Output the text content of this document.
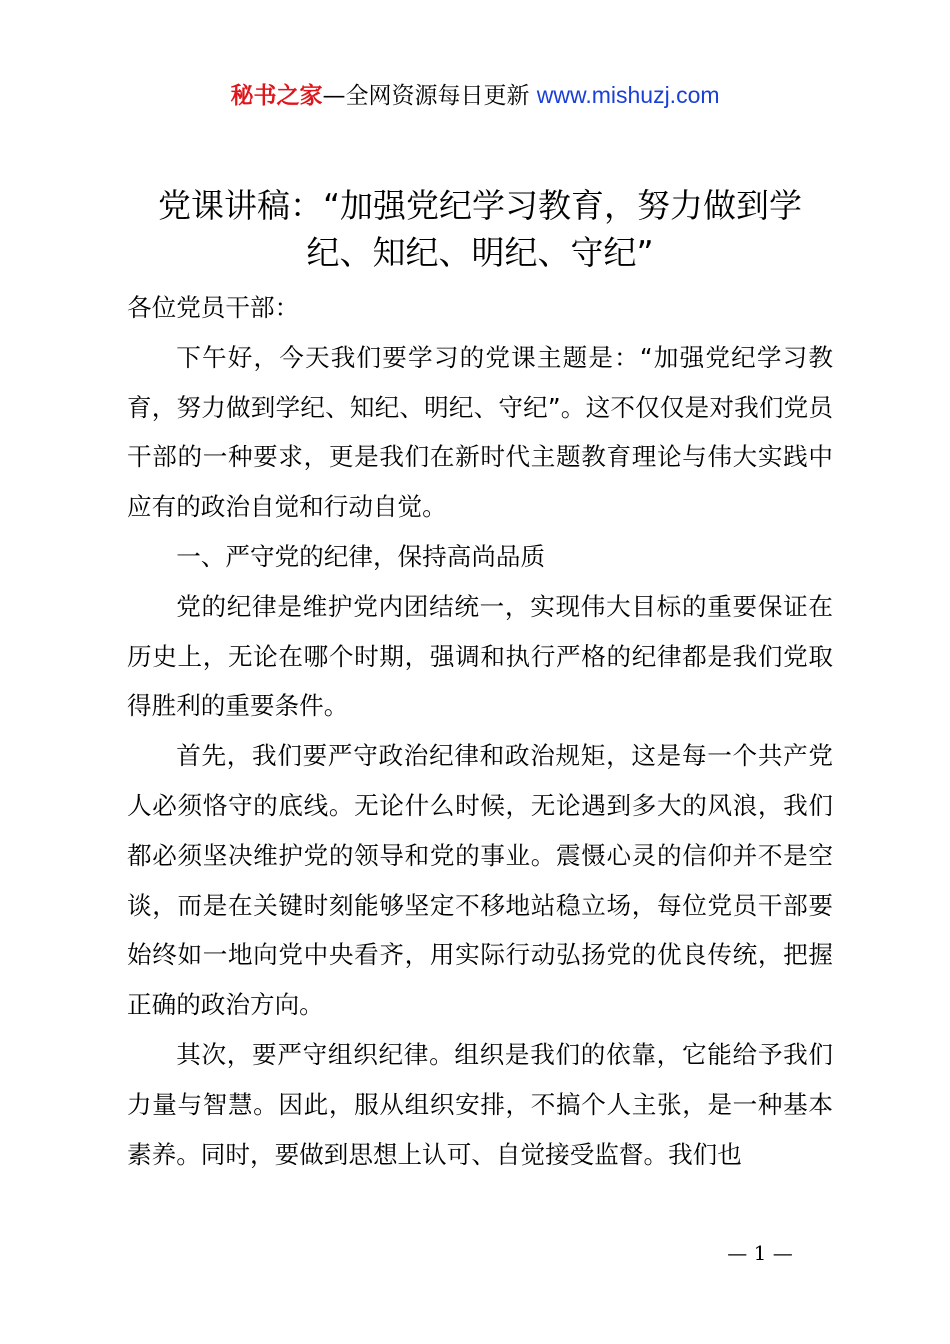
秘书之家—全网资源每日更新 www.mishuzj.com
党课讲稿：“加强党纪学习教育，努力做到学纪、知纪、明纪、守纪”

各位党员干部：

下午好，今天我们要学习的党课主题是：“加强党纪学习教育，努力做到学纪、知纪、明纪、守纪”。这不仅仅是对我们党员干部的一种要求，更是我们在新时代主题教育理论与伟大实践中应有的政治自觉和行动自觉。

一、严守党的纪律，保持高尚品质

党的纪律是维护党内团结统一，实现伟大目标的重要保证在历史上，无论在哪个时期，强调和执行严格的纪律都是我们党取得胜利的重要条件。

首先，我们要严守政治纪律和政治规矩，这是每一个共产党人必须恪守的底线。无论什么时候，无论遇到多大的风浪，我们都必须坚决维护党的领导和党的事业。震慑心灵的信仰并不是空谈，而是在关键时刻能够坚定不移地站稳立场，每位党员干部要始终如一地向党中央看齐，用实际行动弘扬党的优良传统，把握正确的政治方向。

其次，要严守组织纪律。组织是我们的依靠，它能给予我们力量与智慧。因此，服从组织安排，不搞个人主张，是一种基本素养。同时，要做到思想上认可、自觉接受监督。我们也

— 1 —
